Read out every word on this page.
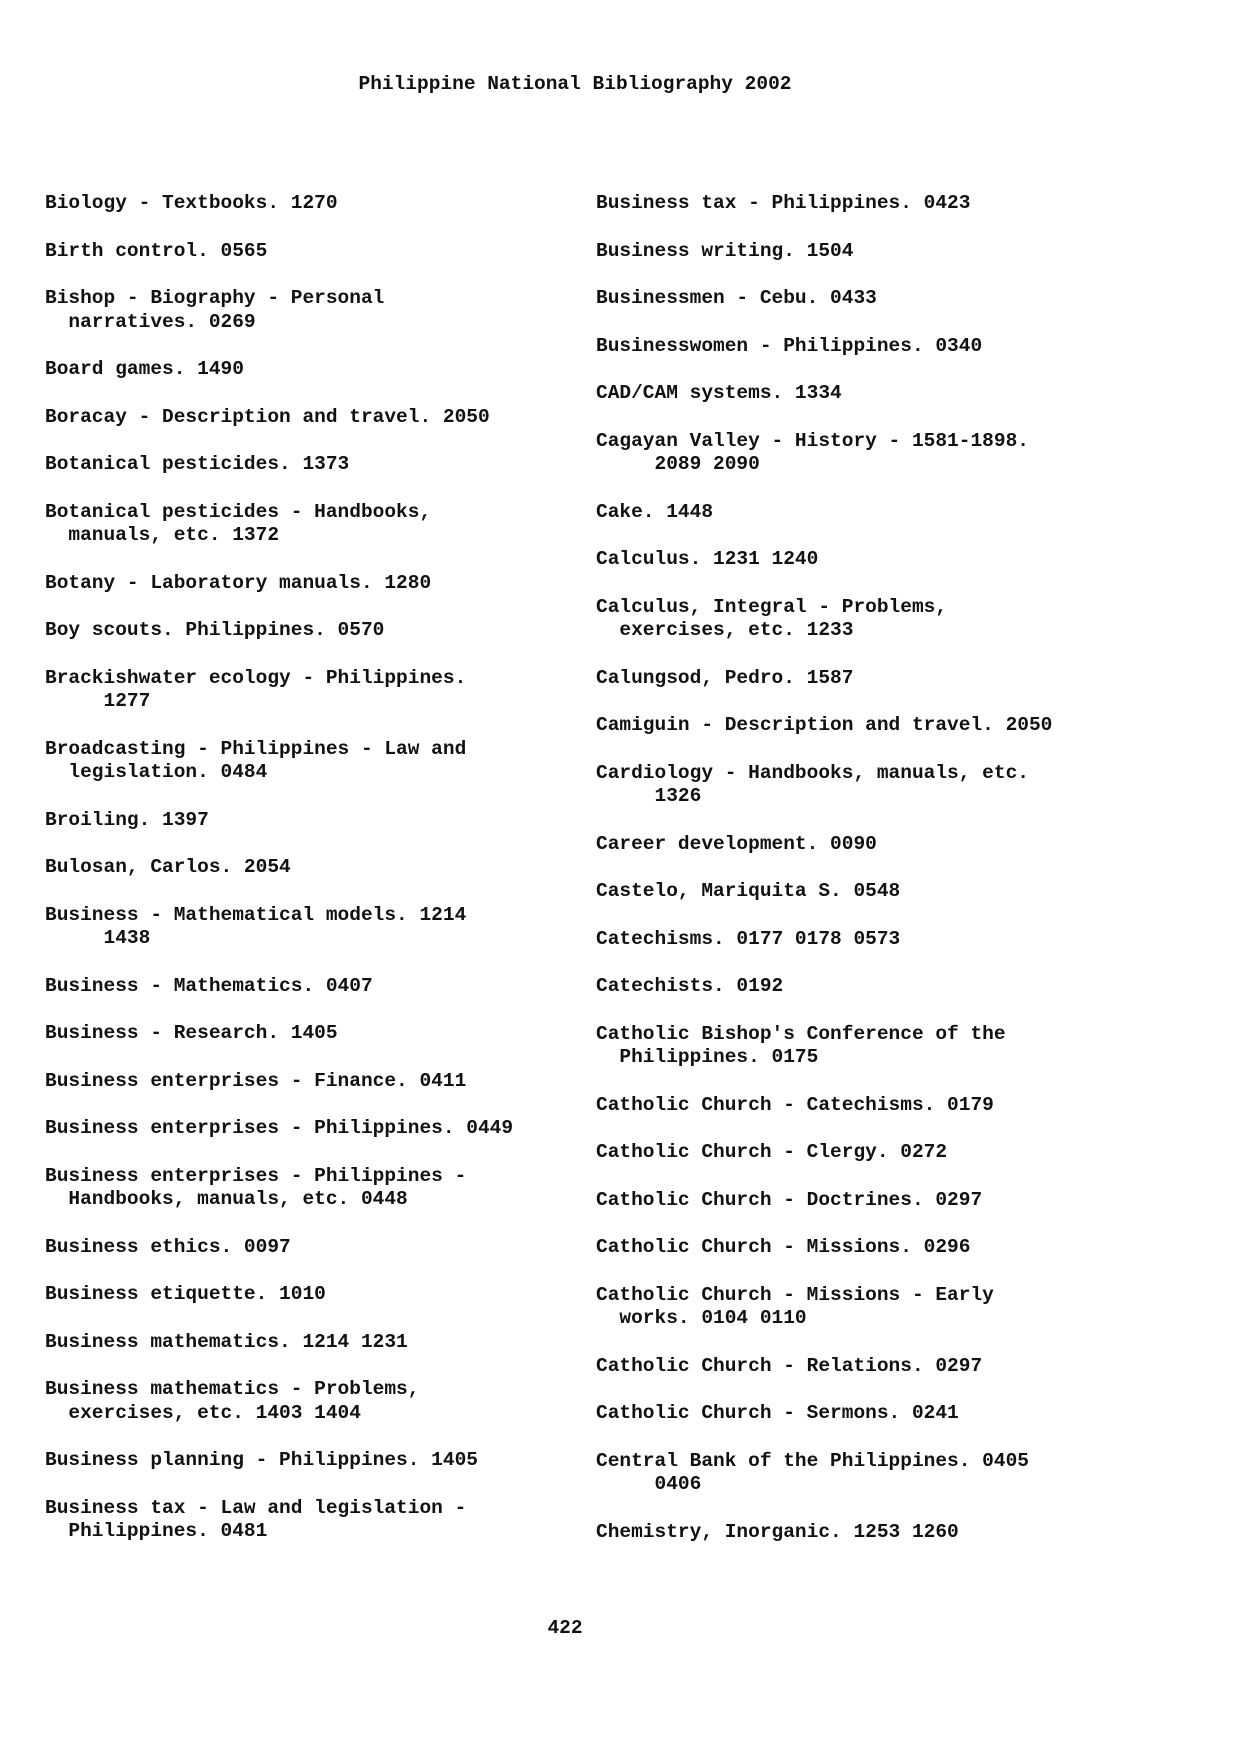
Philippine National Bibliography 2002
Biology - Textbooks. 1270
Birth control. 0565
Bishop - Biography - Personal
narratives. 0269
Board games. 1490
Boracay - Description and travel. 2050
Botanical pesticides. 1373
Botanical pesticides - Handbooks,
manuals, etc. 1372
Botany - Laboratory manuals. 1280
Boy scouts. Philippines. 0570
Brackishwater ecology - Philippines.
1277
Broadcasting - Philippines - Law and
legislation. 0484
Broiling. 1397
Bulosan, Carlos. 2054
Business - Mathematical models. 1214
1438
Business - Mathematics. 0407
Business - Research. 1405
Business enterprises - Finance. 0411
Business enterprises - Philippines. 0449
Business enterprises - Philippines -
Handbooks, manuals, etc. 0448
Business ethics. 0097
Business etiquette. 1010
Business mathematics. 1214 1231
Business mathematics - Problems,
exercises, etc. 1403 1404
Business planning - Philippines. 1405
Business tax - Law and legislation -
Philippines. 0481
Business tax - Philippines. 0423
Business writing. 1504
Businessmen - Cebu. 0433
Businesswomen - Philippines. 0340
CAD/CAM systems. 1334
Cagayan Valley - History - 1581-1898.
2089 2090
Cake. 1448
Calculus. 1231 1240
Calculus, Integral - Problems,
exercises, etc. 1233
Calungsod, Pedro. 1587
Camiguin - Description and travel. 2050
Cardiology - Handbooks, manuals, etc.
1326
Career development. 0090
Castelo, Mariquita S. 0548
Catechisms. 0177 0178 0573
Catechists. 0192
Catholic Bishop's Conference of the
Philippines. 0175
Catholic Church - Catechisms. 0179
Catholic Church - Clergy. 0272
Catholic Church - Doctrines. 0297
Catholic Church - Missions. 0296
Catholic Church - Missions - Early
works. 0104 0110
Catholic Church - Relations. 0297
Catholic Church - Sermons. 0241
Central Bank of the Philippines. 0405
0406
Chemistry, Inorganic. 1253 1260
422
